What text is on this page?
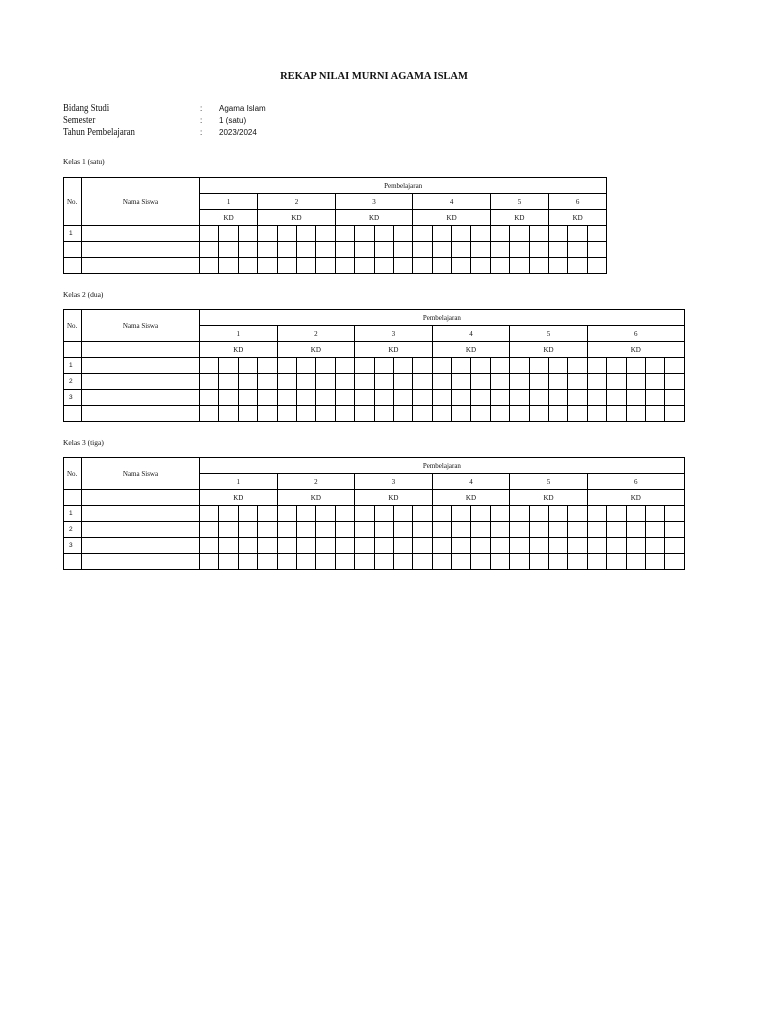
REKAP NILAI MURNI AGAMA ISLAM
Bidang Studi	: Agama Islam
Semester	: 1 (satu)
Tahun Pembelajaran	: 2023/2024
Kelas 1 (satu)
No.	Nama Siswa	Pembelajaran																				
		1			2				3				4				5			6		
		KD			KD				KD				KD				KD			KD		
1																						

Kelas 2 (dua)
No.	Nama Siswa	Pembelajaran																								
		1				2				3				4				5				6				
		KD				KD				KD				KD				KD				KD				
1																										
2																										
3																										

Kelas 3 (tiga)
No.	Nama Siswa	Pembelajaran																								
		1				2				3				4				5				6				
		KD				KD				KD				KD				KD				KD				
1																										
2																										
3																										
